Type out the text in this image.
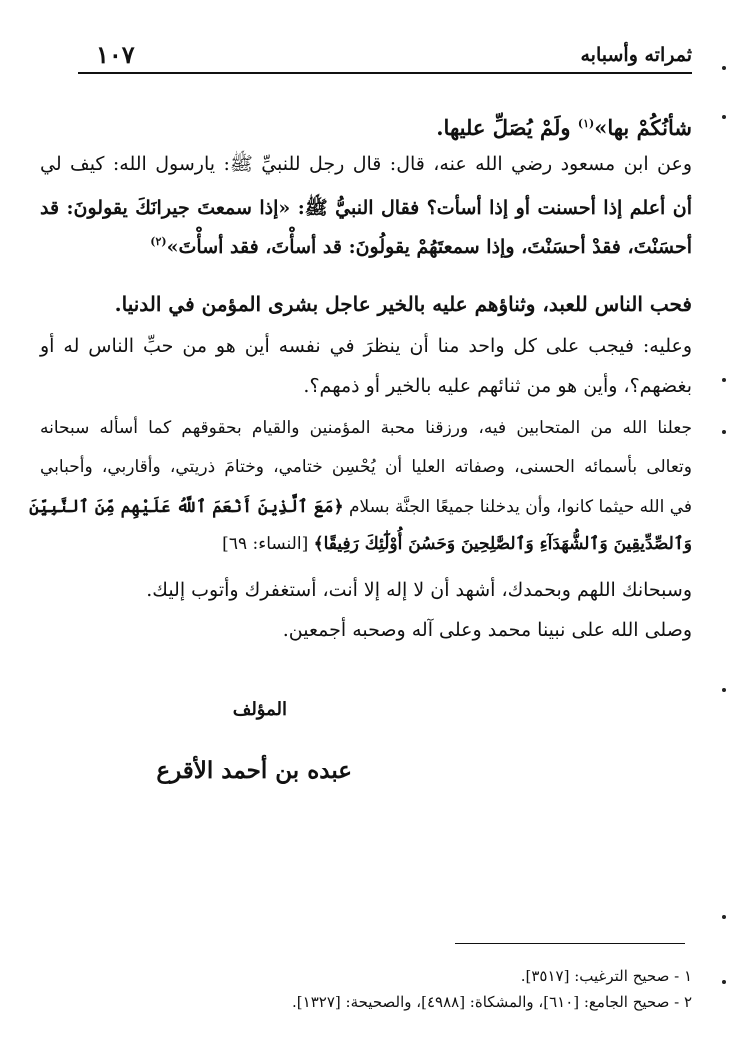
١٠٧	ثمراته وأسبابه
شأنُكُمْ بها»$^{(١)}$ ولَمْ يُصَلِّ عليها.
وعن ابن مسعود رضي الله عنه، قال: قال رجل للنبيِّ ﷺ: يارسول الله: كيف لي
أن أعلم إذا أحسنت أو إذا أسأت؟ فقال النبيُّ ﷺ: «إذا سمعتَ جيرانَكَ يقولونَ: قد
أحسَنْتَ، فقدْ أحسَنْتَ، وإذا سمعتَهُمْ يقولُونَ: قد أسأْتَ، فقد أسأْتَ»$^{(٢)}$
فحب الناس للعبد، وثناؤهم عليه بالخير عاجل بشرى المؤمن في الدنيا.
وعليه: فيجب على كل واحد منا أن ينظرَ في نفسه أين هو من حبِّ الناس له أو
بغضهم؟، وأين هو من ثنائهم عليه بالخير أو ذمهم؟.
جعلنا الله من المتحابين فيه، ورزقنا محبة المؤمنين والقيام بحقوقهم كما أسأله سبحانه
وتعالى بأسمائه الحسنى، وصفاته العليا أن يُحْسِن ختامي، وختامَ ذريتي، وأقاربي، وأحبابي
في الله حيثما كانوا، وأن يدخلنا جميعًا الجنَّة بسلام ﴿مَعَ ٱلَّذِينَ أَنْعَمَ ٱللَّهُ عَلَيْهِم مِّنَ ٱلنَّبِيِّنَ
وَٱلصِّدِّيقِينَ وَٱلشُّهَدَآءِ وَٱلصَّٰلِحِينَ وَحَسُنَ أُوْلَٰٓئِكَ رَفِيقًا﴾ [النساء: ٦٩]
وسبحانك اللهم وبحمدك، أشهد أن لا إله إلا أنت، أستغفرك وأتوب إليك.
وصلى الله على نبينا محمد وعلى آله وصحبه أجمعين.
المؤلف
عبده بن أحمد الأقرع
١ - صحيح الترغيب: [٣٥١٧].
٢ - صحيح الجامع: [٦١٠]، والمشكاة: [٤٩٨٨]، والصحيحة: [١٣٢٧].
